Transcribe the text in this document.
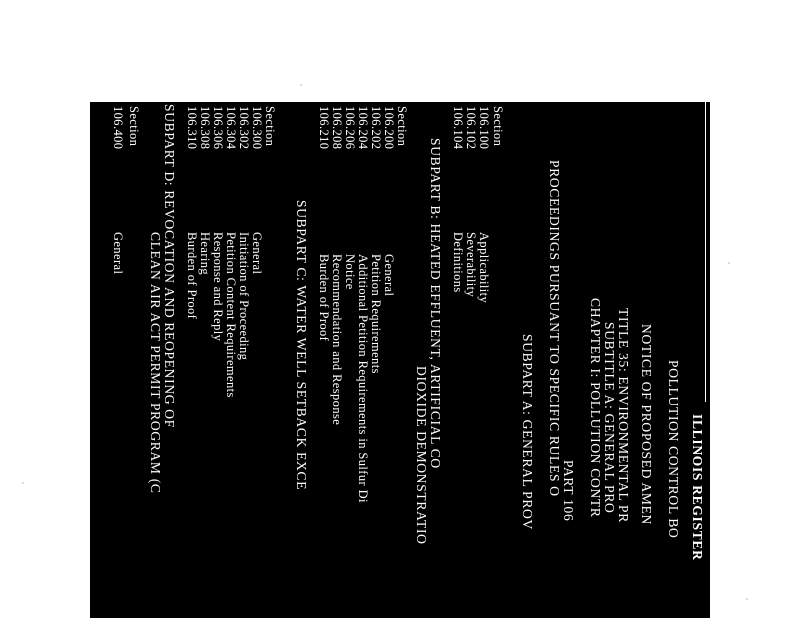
ILLINOIS REGISTER
POLLUTION CONTROL BO
NOTICE OF PROPOSED AMEN
TITLE 35: ENVIRONMENTAL PR
SUBTITLE A: GENERAL PRO
CHAPTER I: POLLUTION CONTR
PART 106
PROCEEDINGS PURSUANT TO SPECIFIC RULES O
SUBPART A: GENERAL PROV
Section
106.100
Applicability
106.102
Severability
106.104
Definitions
SUBPART B: HEATED EFFLUENT, ARTIFICIAL CO
DIOXIDE DEMONSTRATIO
Section
106.200
General
106.202
Petition Requirements
106.204
Additional Petition Requirements in Sulfur Di
106.206
Notice
106.208
Recommendation and Response
106.210
Burden of Proof
SUBPART C: WATER WELL SETBACK EXCE
Section
106.300
General
106.302
Initiation of Proceeding
106.304
Petition Content Requirements
106.306
Response and Reply
106.308
Hearing
106.310
Burden of Proof
SUBPART D: REVOCATION AND REOPENING OF
CLEAN AIR ACT PERMIT PROGRAM (C
Section
106.400
General
